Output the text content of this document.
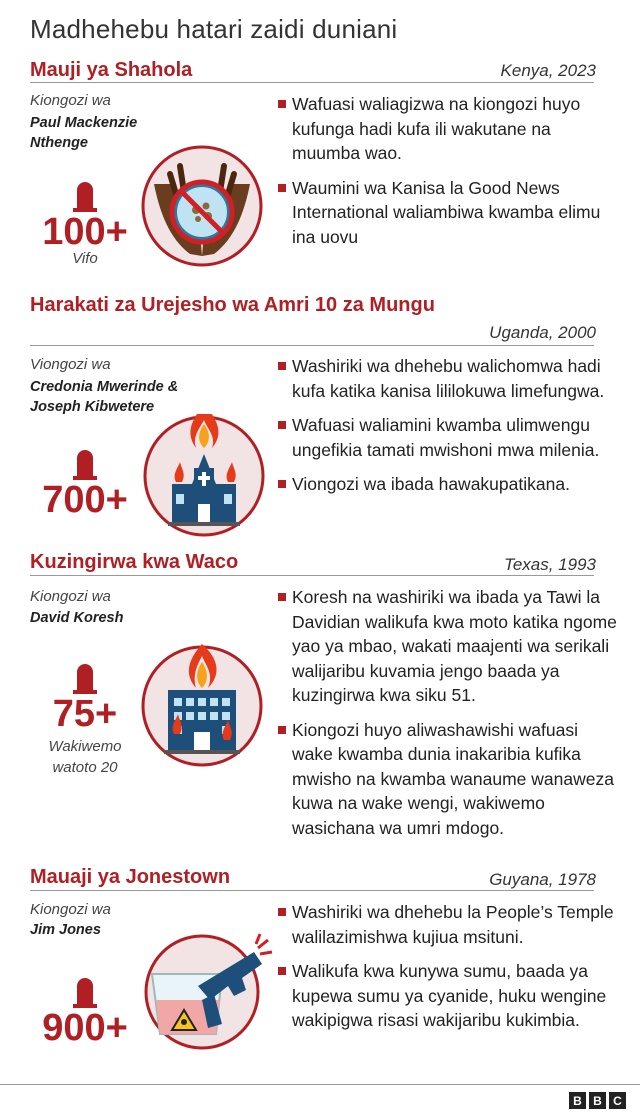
Madhehebu hatari zaidi duniani
Mauji ya Shahola	Kenya, 2023
Kiongozi wa
Paul Mackenzie
Nthenge
100+
Vifo
Wafuasi waliagizwa na kiongozi huyo kufunga hadi kufa ili wakutane na muumba wao.
Waumini wa Kanisa la Good News International waliambiwa kwamba elimu ina uovu
Harakati za Urejesho wa Amri 10 za Mungu
Uganda, 2000
Viongozi wa
Credonia Mwerinde &
Joseph Kibwetere
700+
Washiriki wa dhehebu walichomwa hadi kufa katika kanisa lililokuwa limefungwa.
Wafuasi waliamini kwamba ulimwengu ungefikia tamati mwishoni mwa milenia.
Viongozi wa ibada hawakupatikana.
Kuzingirwa kwa Waco	Texas, 1993
Kiongozi wa
David Koresh
75+
Wakiwemo
watoto 20
Koresh na washiriki wa ibada ya Tawi la Davidian walikufa kwa moto katika ngome yao ya mbao, wakati maajenti wa serikali walijaribu kuvamia jengo baada ya kuzingirwa kwa siku 51.
Kiongozi huyo aliwashawishi wafuasi wake kwamba dunia inakaribia kufika mwisho na kwamba wanaume wanaweza kuwa na wake wengi, wakiwemo wasichana wa umri mdogo.
Mauaji ya Jonestown	Guyana, 1978
Kiongozi wa
Jim Jones
900+
Washiriki wa dhehebu la People’s Temple walilazimishwa kujiua msituni.
Walikufa kwa kunywa sumu, baada ya kupewa sumu ya cyanide, huku wengine wakipigwa risasi wakijaribu kukimbia.
B B C
